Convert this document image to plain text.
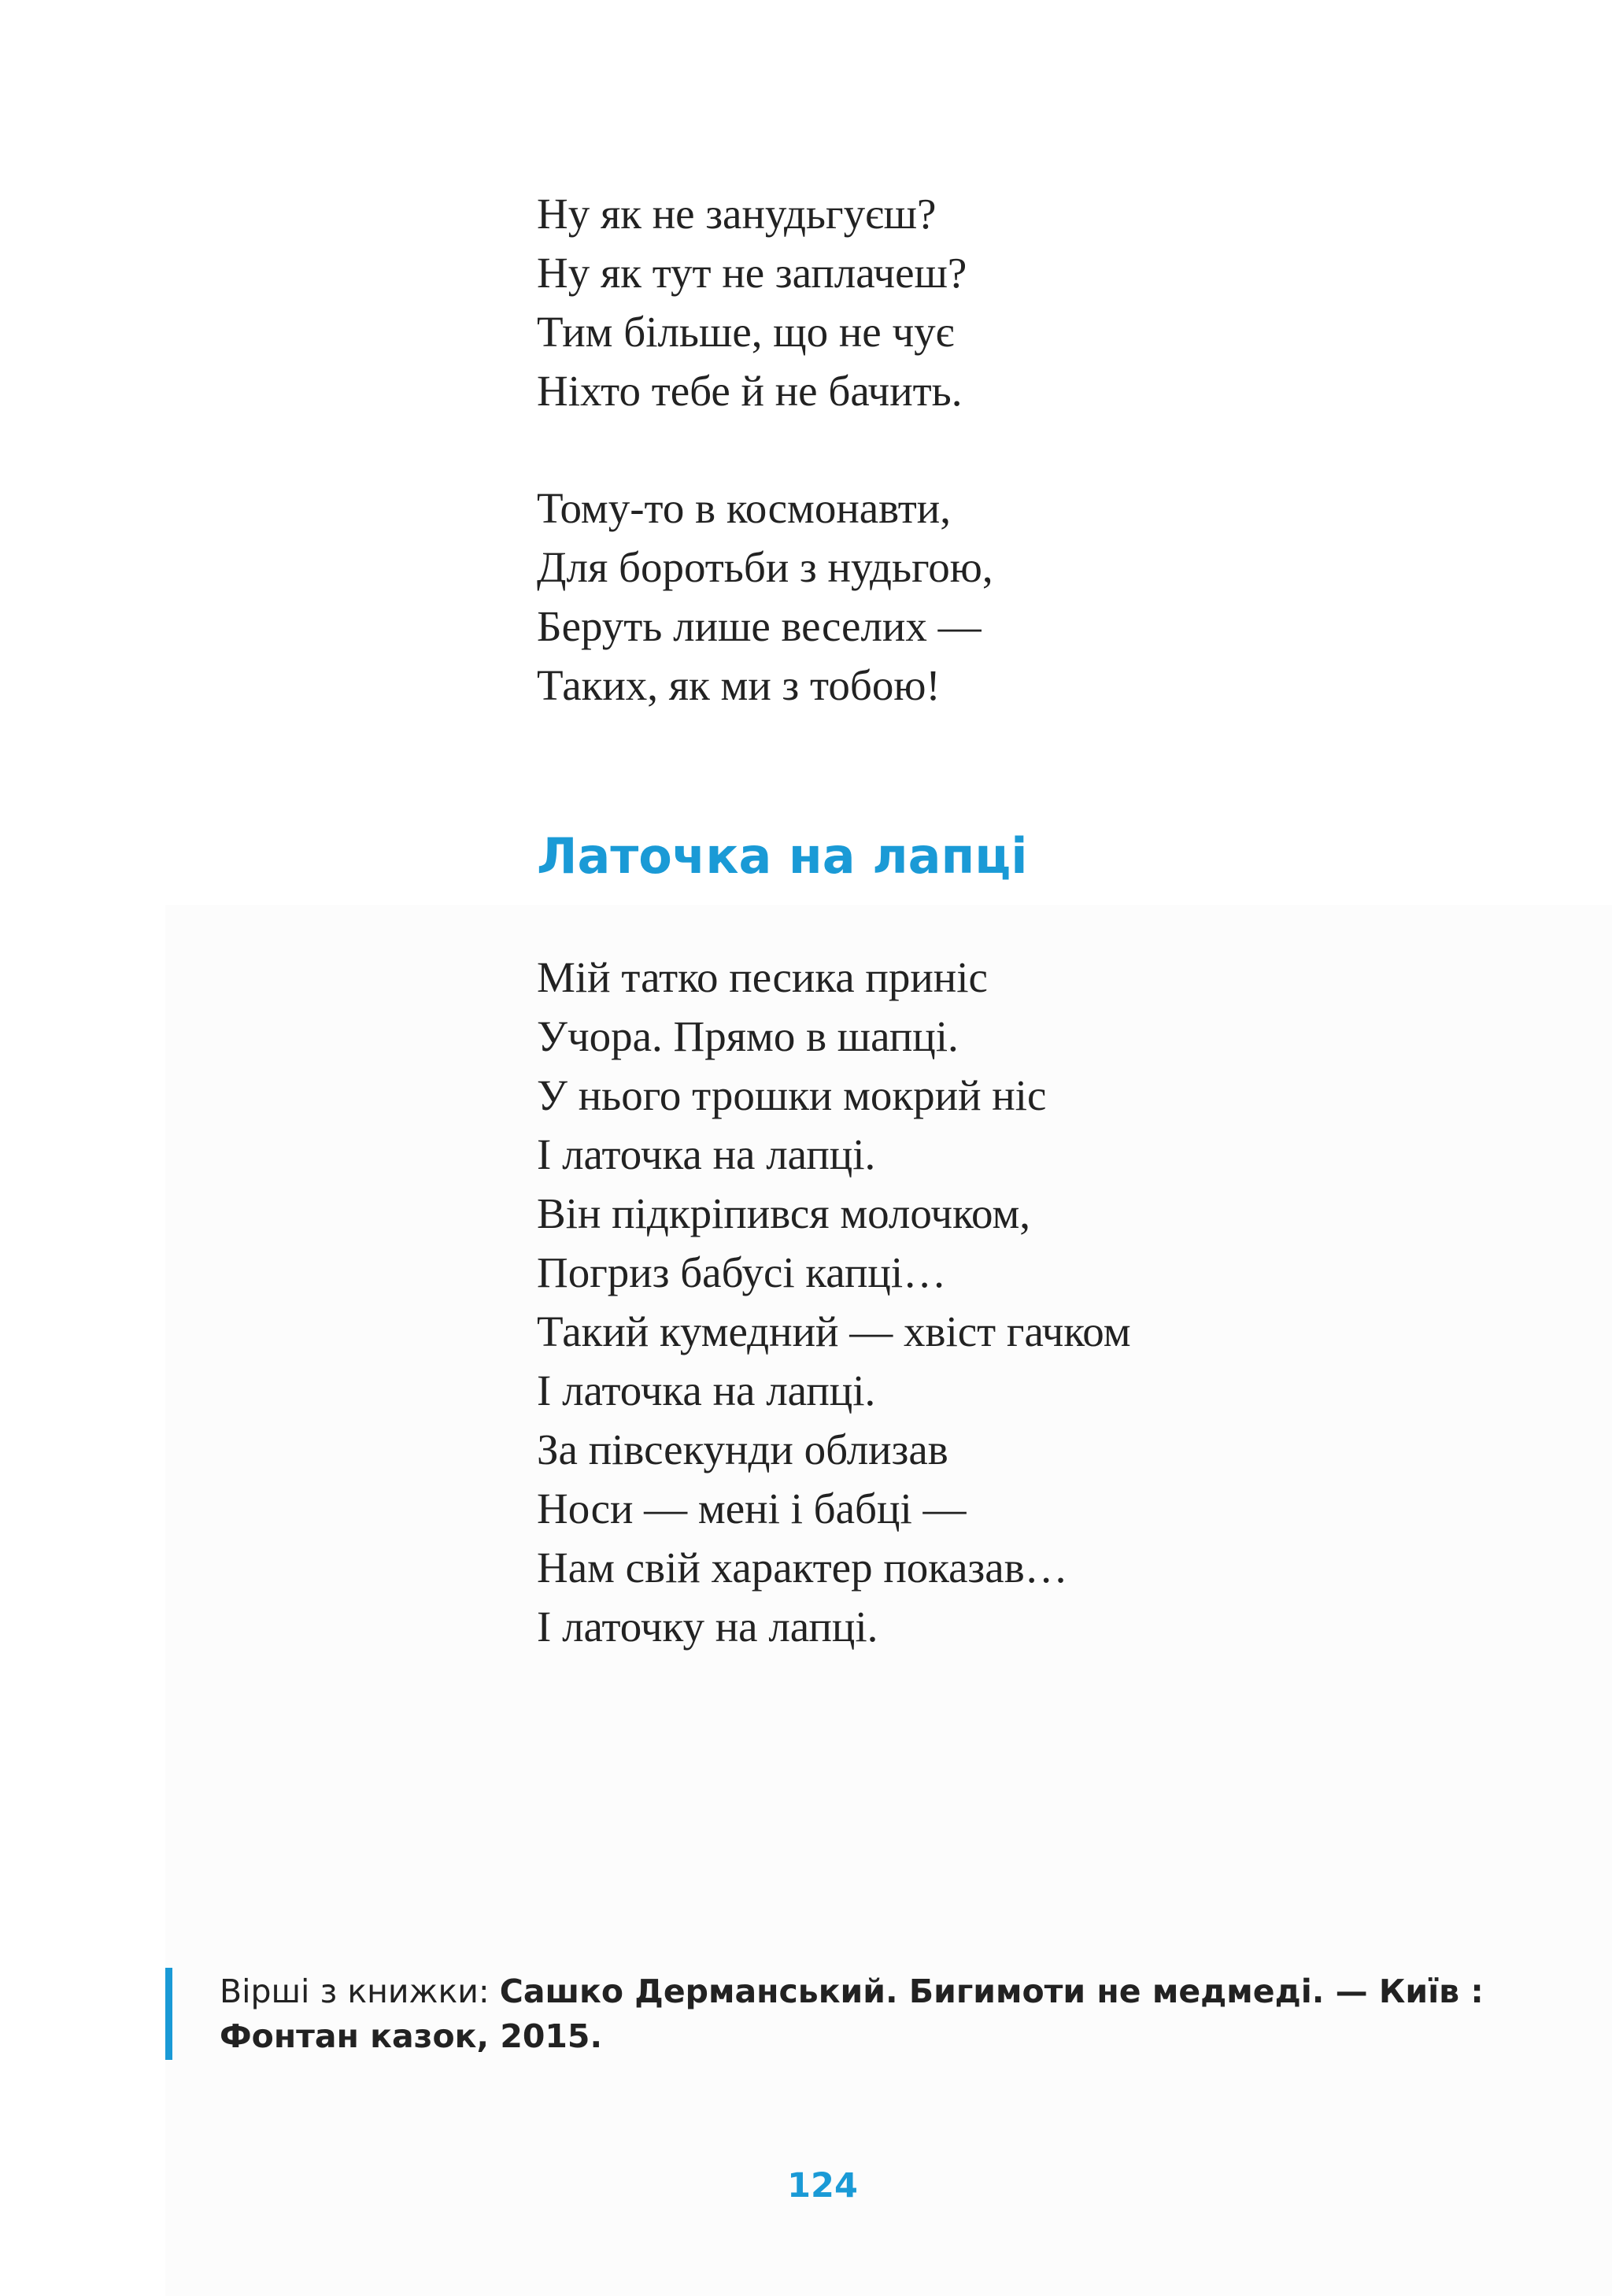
Ну як не занудьгуєш?
Ну як тут не заплачеш?
Тим більше, що не чує
Ніхто тебе й не бачить.
Тому-то в космонавти,
Для боротьби з нудьгою,
Беруть лише веселих —
Таких, як ми з тобою!
Латочка на лапці
Мій татко песика приніс
Учора. Прямо в шапці.
У нього трошки мокрий ніс
І латочка на лапці.
Він підкріпився молочком,
Погриз бабусі капці…
Такий кумедний — хвіст гачком
І латочка на лапці.
За півсекунди облизав
Носи — мені і бабці —
Нам свій характер показав…
І латочку на лапці.
Вірші з книжки: Сашко Дерманський. Бигимоти не медмеді. — Київ : Фонтан казок, 2015.
124
